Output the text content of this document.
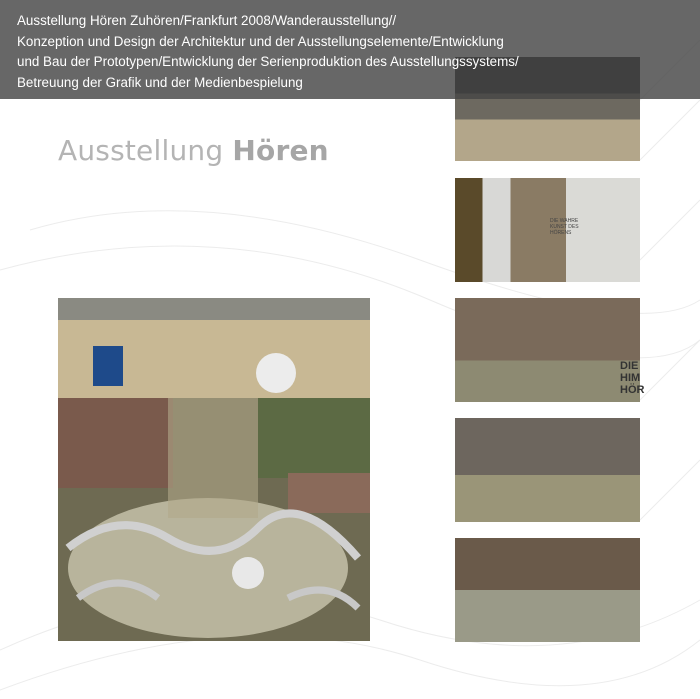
Ausstellung Hören
DIE WAHRE KUNST DES HÖRENS
DIE HIM HÖR
Ausstellung Hören Zuhören/Frankfurt 2008/Wanderausstellung//
Konzeption und Design der Architektur und der Ausstellungselemente/Entwicklung
und Bau der Prototypen/Entwicklung der Serienproduktion des Ausstellungssystems/
Betreuung der Grafik und der Medienbespielung
